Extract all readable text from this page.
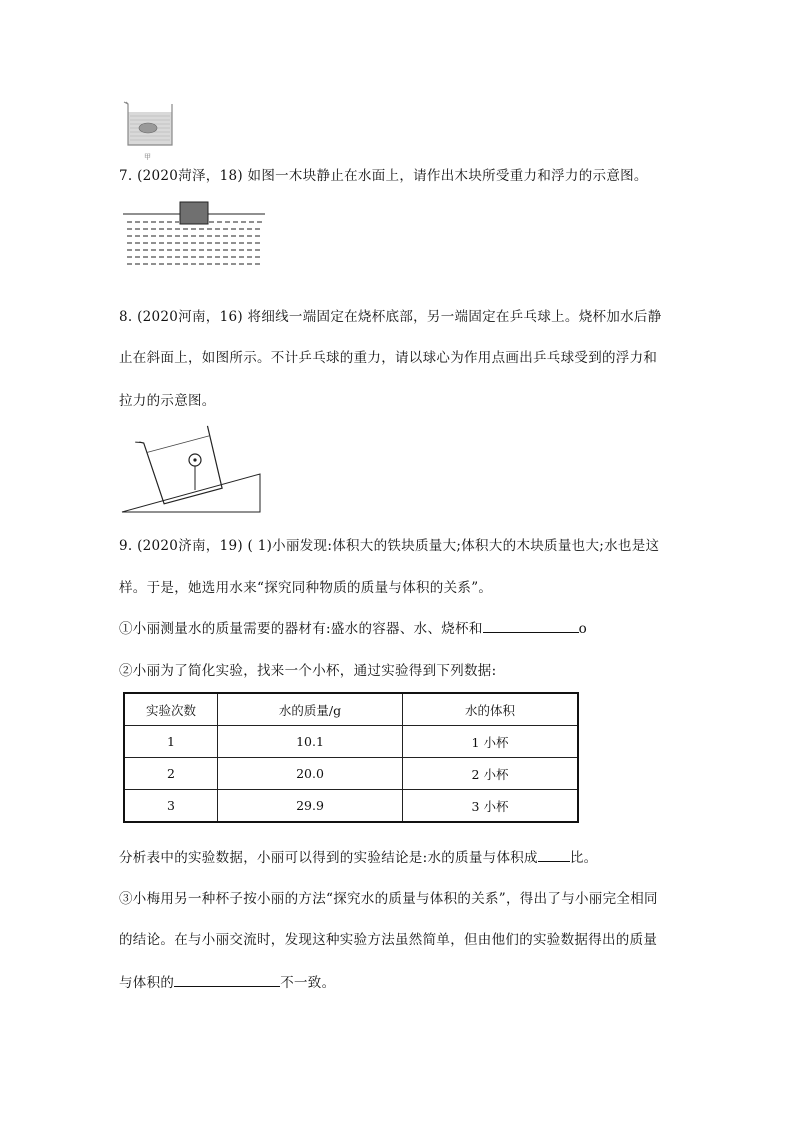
甲
7. (2020菏泽，18) 如图一木块静止在水面上，请作出木块所受重力和浮力的示意图。
8. (2020河南，16) 将细线一端固定在烧杯底部，另一端固定在乒乓球上。烧杯加水后静
止在斜面上，如图所示。不计乒乓球的重力，请以球心为作用点画出乒乓球受到的浮力和
拉力的示意图。
9. (2020济南，19) ( 1)小丽发现:体积大的铁块质量大;体积大的木块质量也大;水也是这
样。于是，她选用水来“探究同种物质的质量与体积的关系”。
①小丽测量水的质量需要的器材有:盛水的容器、水、烧杯和	o
②小丽为了简化实验，找来一个小杯，通过实验得到下列数据:
实验次数	水的质量/g	水的体积
1	10.1	1 小杯
2	20.0	2 小杯
3	29.9	3 小杯
分析表中的实验数据，小丽可以得到的实验结论是:水的质量与体积成 比。
③小梅用另一种杯子按小丽的方法“探究水的质量与体积的关系”，得出了与小丽完全相同
的结论。在与小丽交流时，发现这种实验方法虽然简单，但由他们的实验数据得出的质量
与体积的	不一致。
